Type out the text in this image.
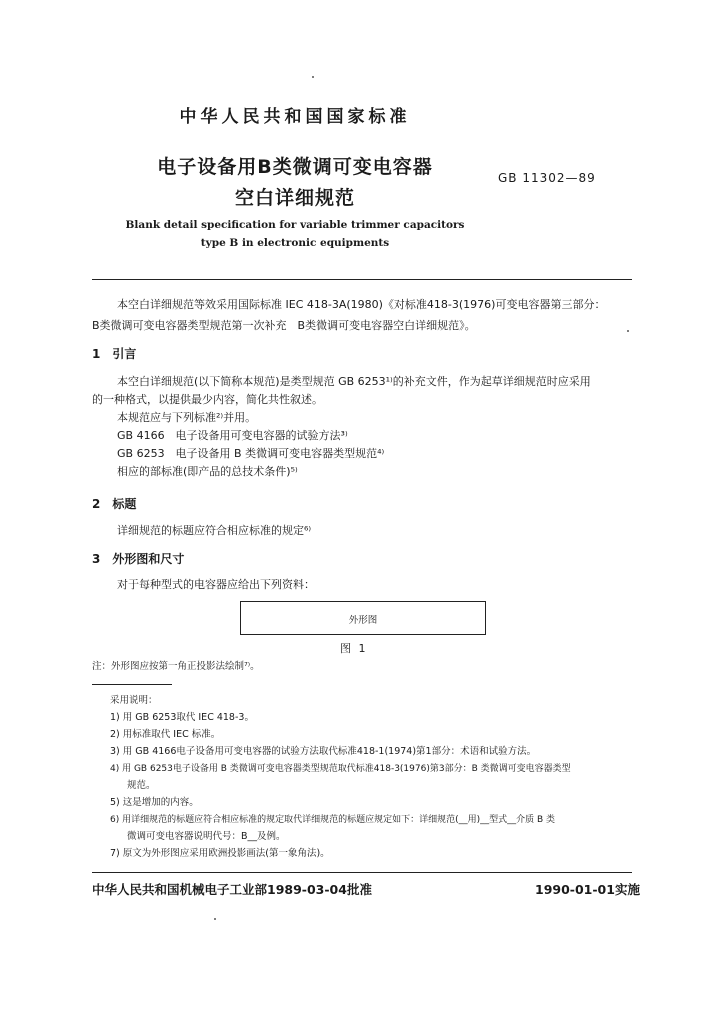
中华人民共和国国家标准
电子设备用B类微调可变电容器
空白详细规范
GB 11302—89
Blank detail specification for variable trimmer capacitors
type B in electronic equipments
本空白详细规范等效采用国际标准 IEC 418-3A(1980)《对标准418-3(1976)可变电容器第三部分：
B类微调可变电容器类型规范第一次补充　B类微调可变电容器空白详细规范》。
1　引言
本空白详细规范(以下简称本规范)是类型规范 GB 6253¹⁾的补充文件，作为起草详细规范时应采用
的一种格式，以提供最少内容，简化共性叙述。
本规范应与下列标准²⁾并用。
GB 4166　电子设备用可变电容器的试验方法³⁾
GB 6253　电子设备用 B 类微调可变电容器类型规范⁴⁾
相应的部标准(即产品的总技术条件)⁵⁾
2　标题
详细规范的标题应符合相应标准的规定⁶⁾
3　外形图和尺寸
对于每种型式的电容器应给出下列资料：
外形图
图 1
注：外形图应按第一角正投影法绘制⁷⁾。
采用说明：
1) 用 GB 6253取代 IEC 418-3。
2) 用标准取代 IEC 标准。
3) 用 GB 4166电子设备用可变电容器的试验方法取代标准418-1(1974)第1部分：术语和试验方法。
4) 用 GB 6253电子设备用 B 类微调可变电容器类型规范取代标准418-3(1976)第3部分：B 类微调可变电容器类型
规范。
5) 这是增加的内容。
6) 用详细规范的标题应符合相应标准的规定取代详细规范的标题应规定如下：详细规范(__用)__型式__介质 B 类
微调可变电容器说明代号：B__及例。
7) 原文为外形图应采用欧洲投影画法(第一象角法)。
中华人民共和国机械电子工业部1989-03-04批准	1990-01-01实施
